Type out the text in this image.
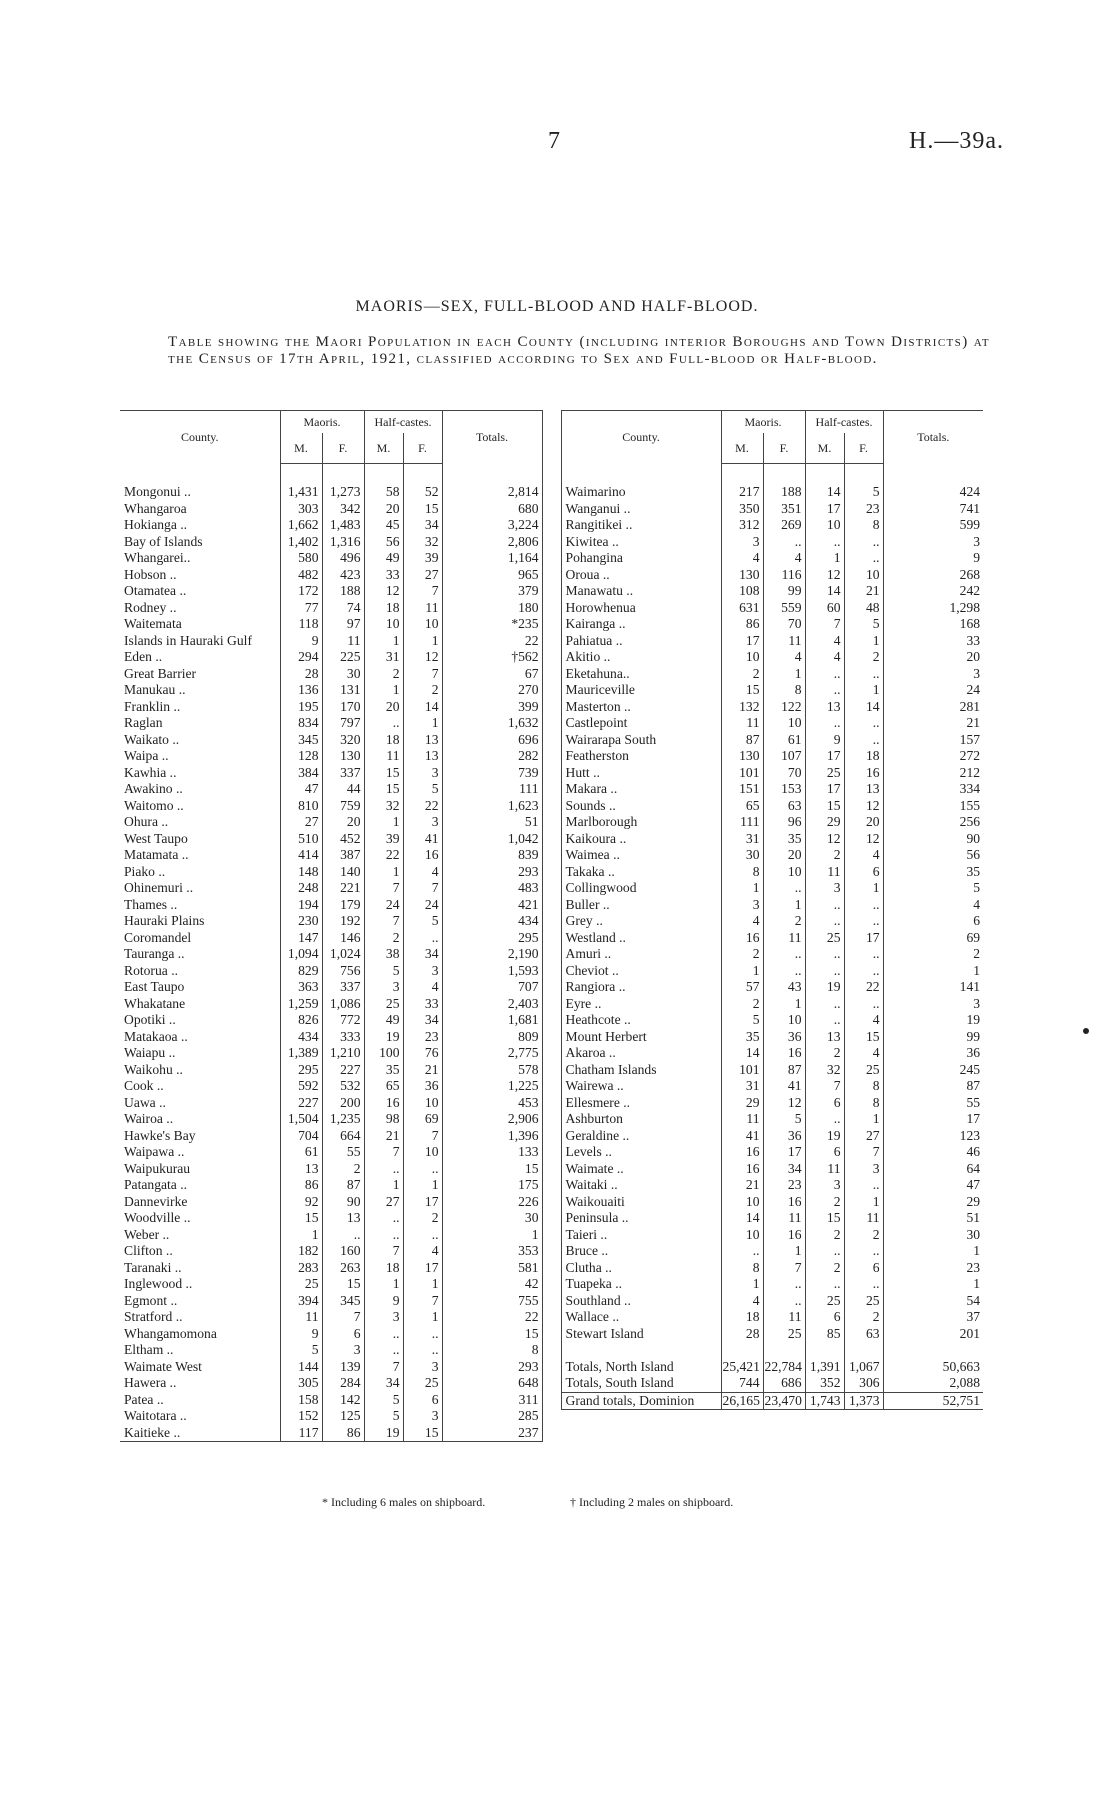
7	H.—39a.
MAORIS—SEX, FULL-BLOOD AND HALF-BLOOD.
Table showing the Maori Population in each County (including interior Boroughs and Town Districts) at the Census of 17th April, 1921, classified according to Sex and Full-blood or Half-blood.
County.		Maoris.		Half-castes.		Totals.
		M.	F.	M.	F.	

Mongonui ..		1,431	1,273	58	52	2,814
Whangaroa		303	342	20	15	680
Hokianga ..		1,662	1,483	45	34	3,224
Bay of Islands		1,402	1,316	56	32	2,806
Whangarei..		580	496	49	39	1,164
Hobson ..		482	423	33	27	965
Otamatea ..		172	188	12	7	379
Rodney ..		77	74	18	11	180
Waitemata		118	97	10	10	*235
Islands in Hauraki Gulf		9	11	1	1	22
Eden ..		294	225	31	12	†562
Great Barrier		28	30	2	7	67
Manukau ..		136	131	1	2	270
Franklin ..		195	170	20	14	399
Raglan		834	797	..	1	1,632
Waikato ..		345	320	18	13	696
Waipa ..		128	130	11	13	282
Kawhia ..		384	337	15	3	739
Awakino ..		47	44	15	5	111
Waitomo ..		810	759	32	22	1,623
Ohura ..		27	20	1	3	51
West Taupo		510	452	39	41	1,042
Matamata ..		414	387	22	16	839
Piako ..		148	140	1	4	293
Ohinemuri ..		248	221	7	7	483
Thames ..		194	179	24	24	421
Hauraki Plains		230	192	7	5	434
Coromandel		147	146	2	..	295
Tauranga ..		1,094	1,024	38	34	2,190
Rotorua ..		829	756	5	3	1,593
East Taupo		363	337	3	4	707
Whakatane		1,259	1,086	25	33	2,403
Opotiki ..		826	772	49	34	1,681
Matakaoa ..		434	333	19	23	809
Waiapu ..		1,389	1,210	100	76	2,775
Waikohu ..		295	227	35	21	578
Cook ..		592	532	65	36	1,225
Uawa ..		227	200	16	10	453
Wairoa ..		1,504	1,235	98	69	2,906
Hawke's Bay		704	664	21	7	1,396
Waipawa ..		61	55	7	10	133
Waipukurau		13	2	..	..	15
Patangata ..		86	87	1	1	175
Dannevirke		92	90	27	17	226
Woodville ..		15	13	..	2	30
Weber ..		1	..	..	..	1
Clifton ..		182	160	7	4	353
Taranaki ..		283	263	18	17	581
Inglewood ..		25	15	1	1	42
Egmont ..		394	345	9	7	755
Stratford ..		11	7	3	1	22
Whangamomona		9	6	..	..	15
Eltham ..		5	3	..	..	8
Waimate West		144	139	7	3	293
Hawera ..		305	284	34	25	648
Patea ..		158	142	5	6	311
Waitotara ..		152	125	5	3	285
Kaitieke ..		117	86	19	15	237
County.		Maoris.		Half-castes.		Totals.
		M.	F.	M.	F.	

Waimarino		217	188	14	5	424
Wanganui ..		350	351	17	23	741
Rangitikei ..		312	269	10	8	599
Kiwitea ..		3	..	..	..	3
Pohangina		4	4	1	..	9
Oroua ..		130	116	12	10	268
Manawatu ..		108	99	14	21	242
Horowhenua		631	559	60	48	1,298
Kairanga ..		86	70	7	5	168
Pahiatua ..		17	11	4	1	33
Akitio ..		10	4	4	2	20
Eketahuna..		2	1	..	..	3
Mauriceville		15	8	..	1	24
Masterton ..		132	122	13	14	281
Castlepoint		11	10	..	..	21
Wairarapa South		87	61	9	..	157
Featherston		130	107	17	18	272
Hutt ..		101	70	25	16	212
Makara ..		151	153	17	13	334
Sounds ..		65	63	15	12	155
Marlborough		111	96	29	20	256
Kaikoura ..		31	35	12	12	90
Waimea ..		30	20	2	4	56
Takaka ..		8	10	11	6	35
Collingwood		1	..	3	1	5
Buller ..		3	1	..	..	4
Grey ..		4	2	..	..	6
Westland ..		16	11	25	17	69
Amuri ..		2	..	..	..	2
Cheviot ..		1	..	..	..	1
Rangiora ..		57	43	19	22	141
Eyre ..		2	1	..	..	3
Heathcote ..		5	10	..	4	19
Mount Herbert		35	36	13	15	99
Akaroa ..		14	16	2	4	36
Chatham Islands		101	87	32	25	245
Wairewa ..		31	41	7	8	87
Ellesmere ..		29	12	6	8	55
Ashburton		11	5	..	1	17
Geraldine ..		41	36	19	27	123
Levels ..		16	17	6	7	46
Waimate ..		16	34	11	3	64
Waitaki ..		21	23	3	..	47
Waikouaiti		10	16	2	1	29
Peninsula ..		14	11	15	11	51
Taieri ..		10	16	2	2	30
Bruce ..		..	1	..	..	1
Clutha ..		8	7	2	6	23
Tuapeka ..		1	..	..	..	1
Southland ..		4	..	25	25	54
Wallace ..		18	11	6	2	37
Stewart Island		28	25	85	63	201

Totals, North Island		25,421	22,784	1,391	1,067	50,663
Totals, South Island		744	686	352	306	2,088
Grand totals, Dominion		26,165	23,470	1,743	1,373	52,751
* Including 6 males on shipboard.	† Including 2 males on shipboard.
